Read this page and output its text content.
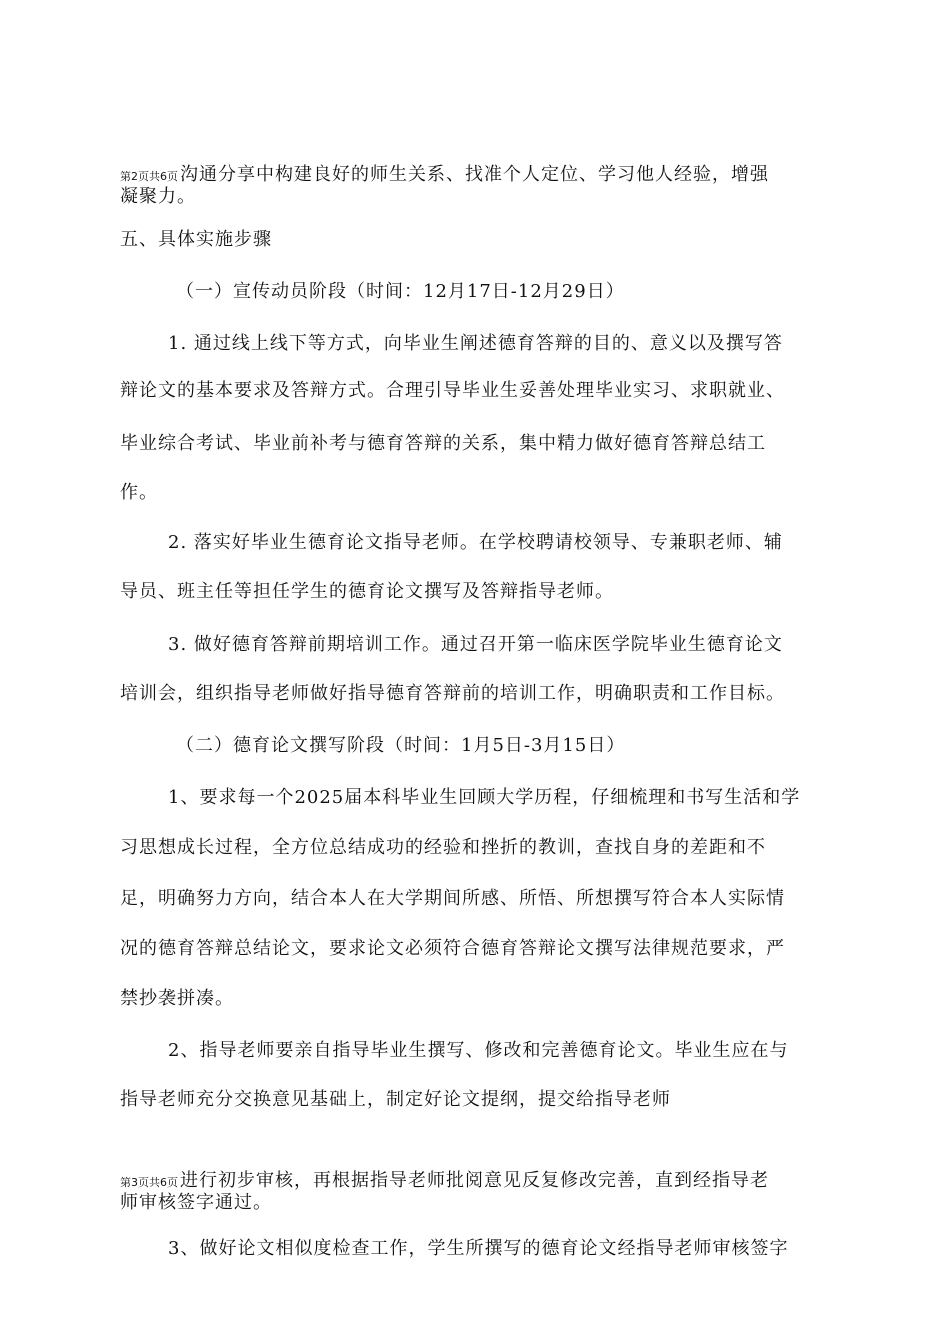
第2页共6页 沟通分享中构建良好的师生关系、找准个人定位、学习他人经验，增强
凝聚力。
五、具体实施步骤
（一）宣传动员阶段（时间：12月17日-12月29日）
1. 通过线上线下等方式，向毕业生阐述德育答辩的目的、意义以及撰写答
辩论文的基本要求及答辩方式。合理引导毕业生妥善处理毕业实习、求职就业、
毕业综合考试、毕业前补考与德育答辩的关系，集中精力做好德育答辩总结工
作。
2. 落实好毕业生德育论文指导老师。在学校聘请校领导、专兼职老师、辅
导员、班主任等担任学生的德育论文撰写及答辩指导老师。
3. 做好德育答辩前期培训工作。通过召开第一临床医学院毕业生德育论文
培训会，组织指导老师做好指导德育答辩前的培训工作，明确职责和工作目标。
（二）德育论文撰写阶段（时间：1月5日-3月15日）
1、要求每一个2025届本科毕业生回顾大学历程，仔细梳理和书写生活和学
习思想成长过程，全方位总结成功的经验和挫折的教训，查找自身的差距和不
足，明确努力方向，结合本人在大学期间所感、所悟、所想撰写符合本人实际情
况的德育答辩总结论文，要求论文必须符合德育答辩论文撰写法律规范要求，严
禁抄袭拼凑。
2、指导老师要亲自指导毕业生撰写、修改和完善德育论文。毕业生应在与
指导老师充分交换意见基础上，制定好论文提纲，提交给指导老师
第3页共6页 进行初步审核，再根据指导老师批阅意见反复修改完善，直到经指导老
师审核签字通过。
3、做好论文相似度检查工作，学生所撰写的德育论文经指导老师审核签字
